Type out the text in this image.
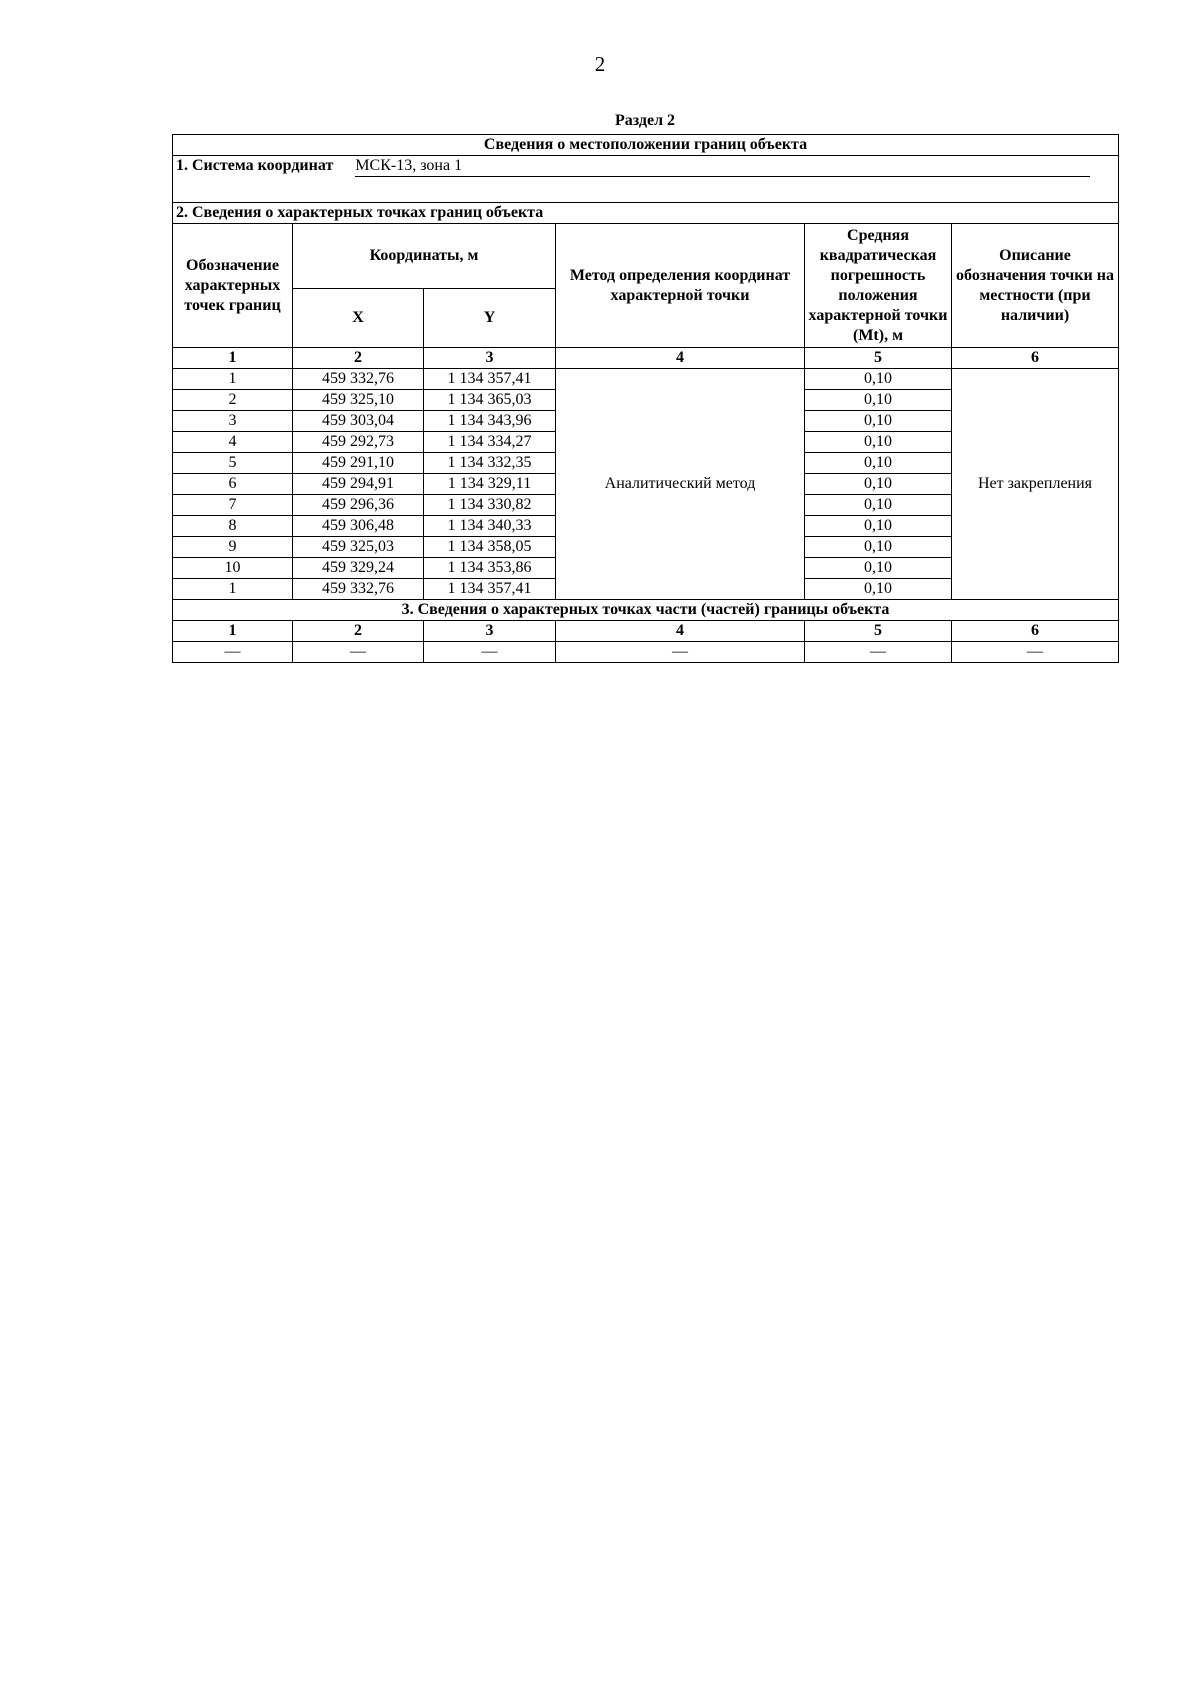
2
Раздел 2
Сведения о местоположении границ объекта					
1. Система координат МСК-13, зона 1					
2. Сведения о характерных точках границ объекта					
Обозначение характерных точек границ	Координаты, м		Метод определения координат характерной точки	Средняя квадратическая погрешность положения характерной точки (Mt), м	Описание обозначения точки на местности (при наличии)
	X	Y			
1	2	3	4	5	6
1	459 332,76	1 134 357,41	Аналитический метод	0,10	Нет закрепления
2	459 325,10	1 134 365,03		0,10	
3	459 303,04	1 134 343,96		0,10	
4	459 292,73	1 134 334,27		0,10	
5	459 291,10	1 134 332,35		0,10	
6	459 294,91	1 134 329,11		0,10	
7	459 296,36	1 134 330,82		0,10	
8	459 306,48	1 134 340,33		0,10	
9	459 325,03	1 134 358,05		0,10	
10	459 329,24	1 134 353,86		0,10	
1	459 332,76	1 134 357,41		0,10	
3. Сведения о характерных точках части (частей) границы объекта					
1	2	3	4	5	6
—	—	—	—	—	—
